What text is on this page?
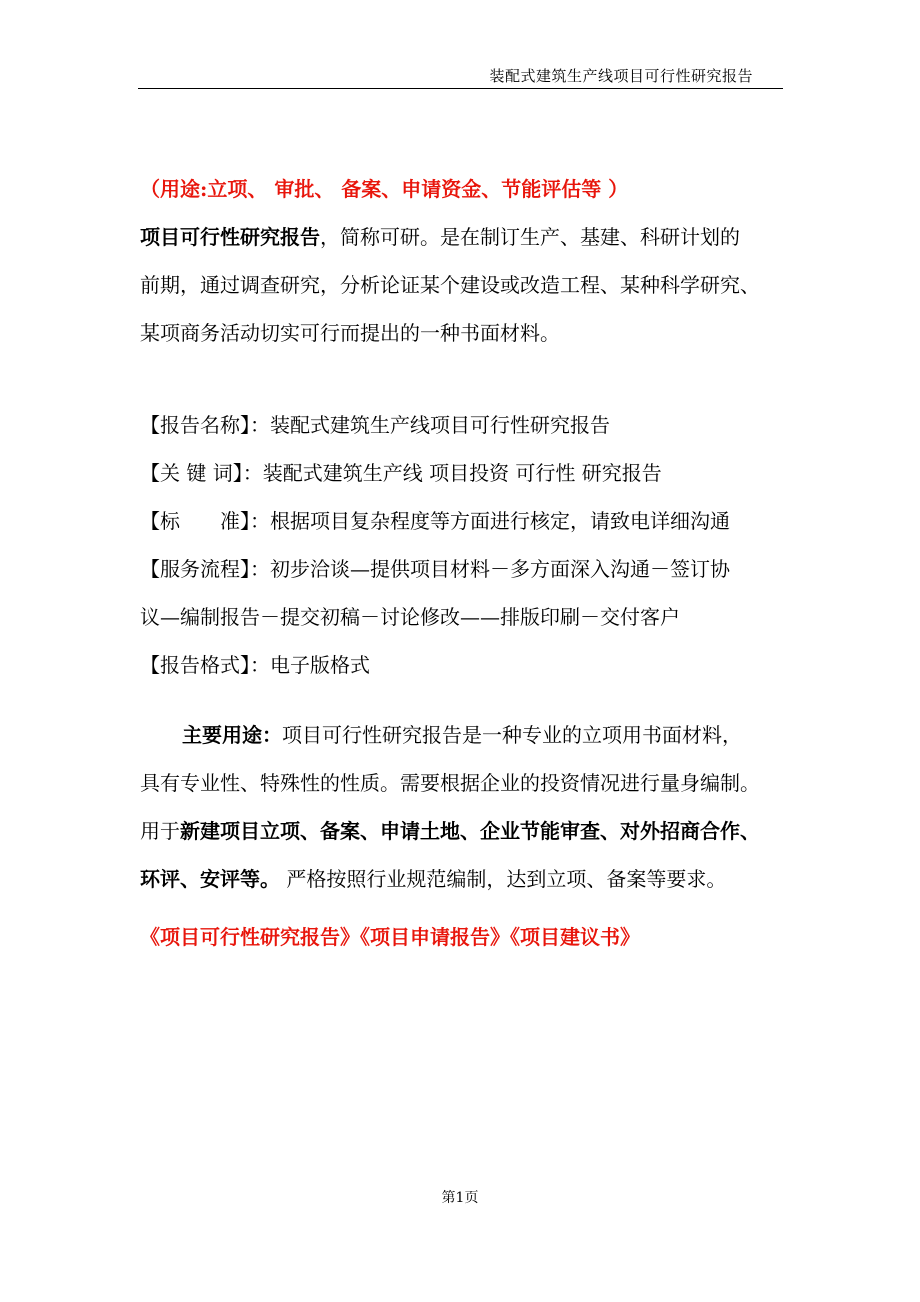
装配式建筑生产线项目可行性研究报告
（用途:立项、 审批、 备案、申请资金、节能评估等 ）
项目可行性研究报告，简称可研。是在制订生产、基建、科研计划的
前期，通过调查研究，分析论证某个建设或改造工程、某种科学研究、
某项商务活动切实可行而提出的一种书面材料。
【报告名称】：装配式建筑生产线项目可行性研究报告
【关 键 词】：装配式建筑生产线 项目投资 可行性 研究报告
【标　　准】：根据项目复杂程度等方面进行核定，请致电详细沟通
【服务流程】：初步洽谈—提供项目材料－多方面深入沟通－签订协
议—编制报告－提交初稿－讨论修改——排版印刷－交付客户
【报告格式】：电子版格式
主要用途：项目可行性研究报告是一种专业的立项用书面材料，
具有专业性、特殊性的性质。需要根据企业的投资情况进行量身编制。
用于新建项目立项、备案、申请土地、企业节能审查、对外招商合作、
环评、安评等。 严格按照行业规范编制，达到立项、备案等要求。
《项目可行性研究报告》《项目申请报告》《项目建议书》
第1页
